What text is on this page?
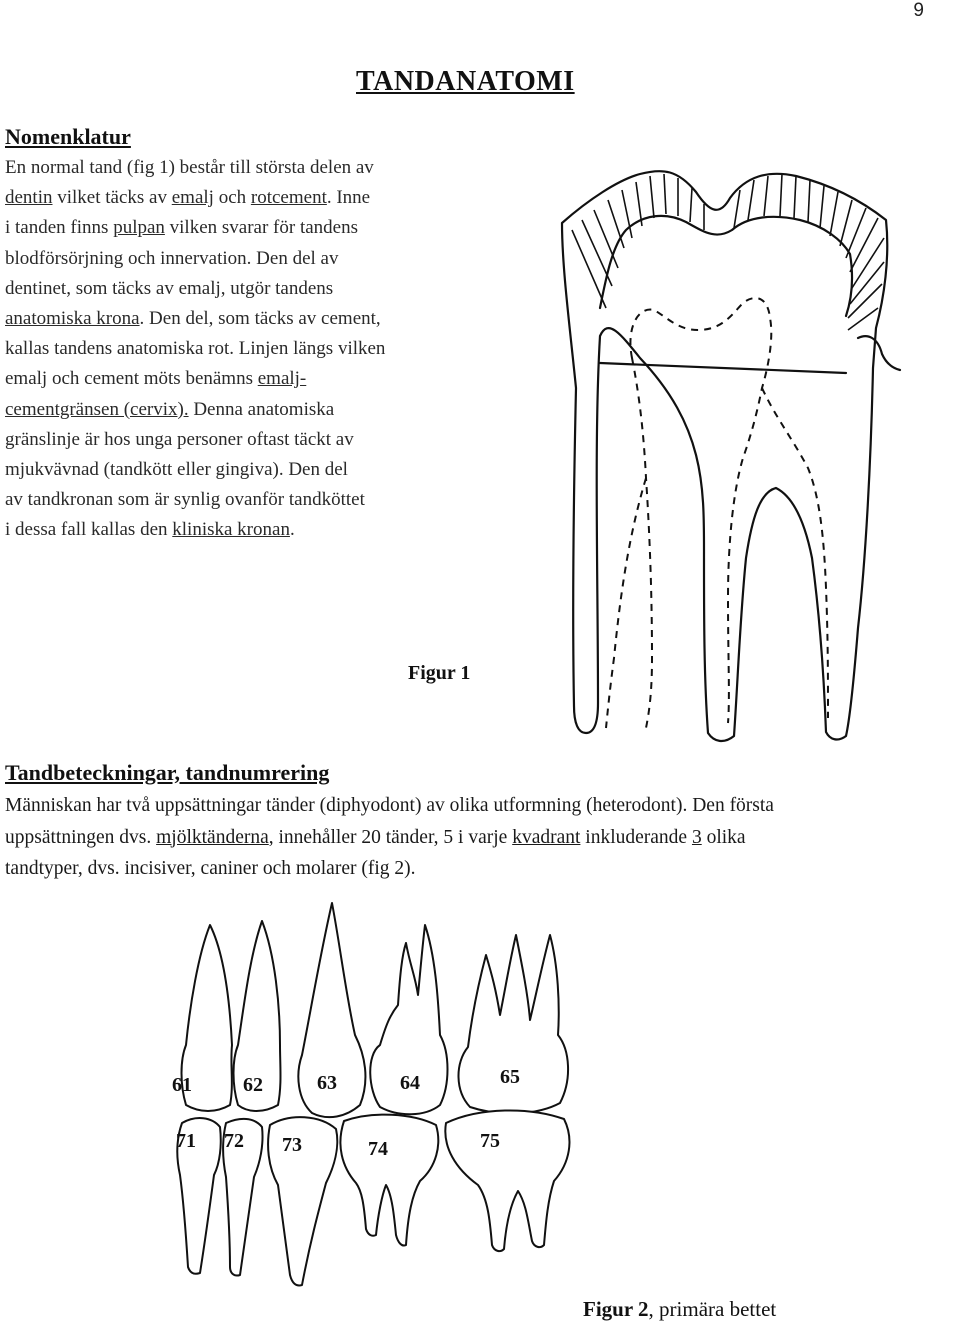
9
TANDANATOMI
Nomenklatur
En normal tand (fig 1) består till största delen av
dentin vilket täcks av emalj och rotcement. Inne
i tanden finns pulpan vilken svarar för tandens
blodförsörjning och innervation. Den del av
dentinet, som täcks av emalj, utgör tandens
anatomiska krona. Den del, som täcks av cement,
kallas tandens anatomiska rot. Linjen längs vilken
emalj och cement möts benämns emalj-
cementgränsen (cervix). Denna anatomiska
gränslinje är hos unga personer oftast täckt av
mjukvävnad (tandkött eller gingiva). Den del
av tandkronan som är synlig ovanför tandköttet
i dessa fall kallas den kliniska kronan.
Figur 1
Tandbeteckningar, tandnumrering
Människan har två uppsättningar tänder (diphyodont) av olika utformning (heterodont). Den första
uppsättningen dvs. mjölktänderna, innehåller 20 tänder, 5 i varje kvadrant inkluderande 3 olika
tandtyper, dvs. incisiver, caniner och molarer (fig 2).
61	62	63	64	65
71 72 73	74	75
Figur 2, primära bettet
